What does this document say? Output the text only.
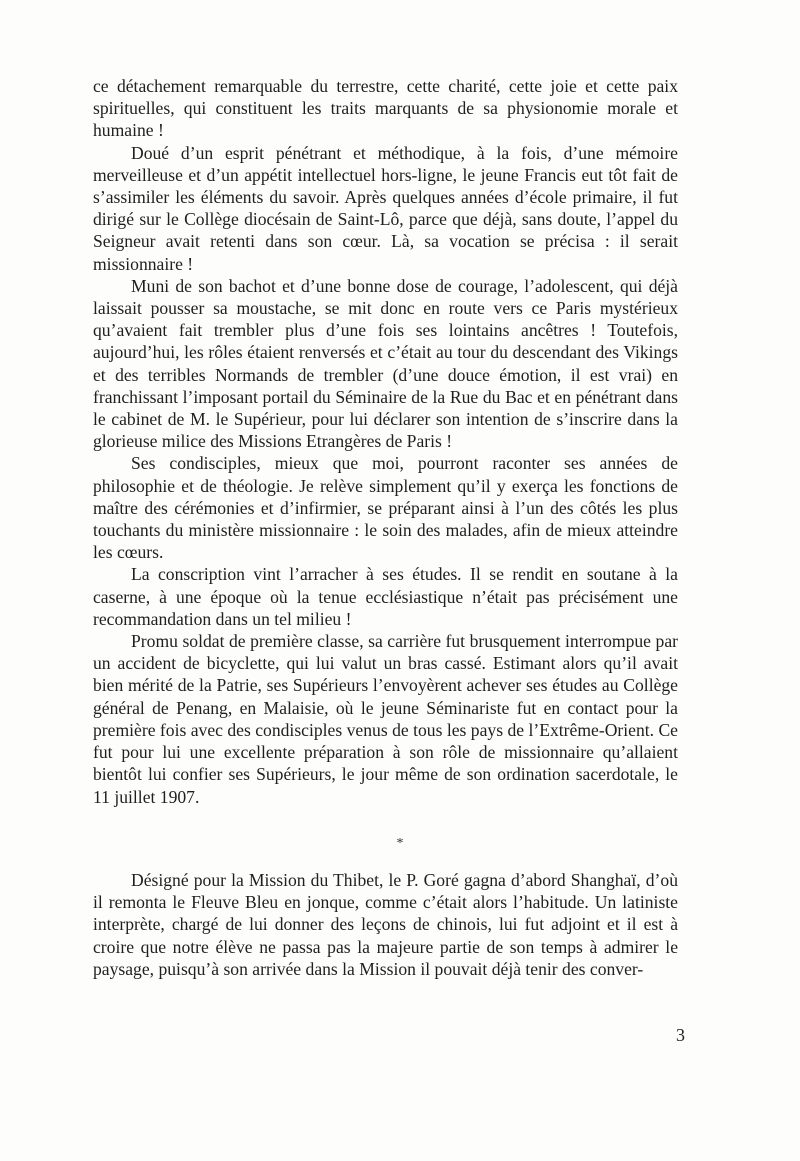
ce détachement remarquable du terrestre, cette charité, cette joie et cette paix spirituelles, qui constituent les traits marquants de sa physionomie morale et humaine !

Doué d’un esprit pénétrant et méthodique, à la fois, d’une mémoire merveilleuse et d’un appétit intellectuel hors-ligne, le jeune Francis eut tôt fait de s’assimiler les éléments du savoir. Après quelques années d’école primaire, il fut dirigé sur le Collège diocésain de Saint-Lô, parce que déjà, sans doute, l’appel du Seigneur avait retenti dans son cœur. Là, sa vocation se précisa : il serait missionnaire !

Muni de son bachot et d’une bonne dose de courage, l’adolescent, qui déjà laissait pousser sa moustache, se mit donc en route vers ce Paris mystérieux qu’avaient fait trembler plus d’une fois ses lointains ancêtres ! Toutefois, aujourd’hui, les rôles étaient renversés et c’était au tour du descendant des Vikings et des terribles Normands de trembler (d’une douce émotion, il est vrai) en franchissant l’imposant portail du Séminaire de la Rue du Bac et en pénétrant dans le cabinet de M. le Supérieur, pour lui déclarer son intention de s’inscrire dans la glorieuse milice des Missions Etrangères de Paris !

Ses condisciples, mieux que moi, pourront raconter ses années de philosophie et de théologie. Je relève simplement qu’il y exerça les fonctions de maître des cérémonies et d’infirmier, se préparant ainsi à l’un des côtés les plus touchants du ministère missionnaire : le soin des malades, afin de mieux atteindre les cœurs.

La conscription vint l’arracher à ses études. Il se rendit en soutane à la caserne, à une époque où la tenue ecclésiastique n’était pas précisément une recommandation dans un tel milieu !

Promu soldat de première classe, sa carrière fut brusquement interrompue par un accident de bicyclette, qui lui valut un bras cassé. Estimant alors qu’il avait bien mérité de la Patrie, ses Supérieurs l’envoyèrent achever ses études au Collège général de Penang, en Malaisie, où le jeune Séminariste fut en contact pour la première fois avec des condisciples venus de tous les pays de l’Extrême-Orient. Ce fut pour lui une excellente préparation à son rôle de missionnaire qu’allaient bientôt lui confier ses Supérieurs, le jour même de son ordination sacerdotale, le 11 juillet 1907.

*

Désigné pour la Mission du Thibet, le P. Goré gagna d’abord Shanghaï, d’où il remonta le Fleuve Bleu en jonque, comme c’était alors l’habitude. Un latiniste interprète, chargé de lui donner des leçons de chinois, lui fut adjoint et il est à croire que notre élève ne passa pas la majeure partie de son temps à admirer le paysage, puisqu’à son arrivée dans la Mission il pouvait déjà tenir des conver-

3
